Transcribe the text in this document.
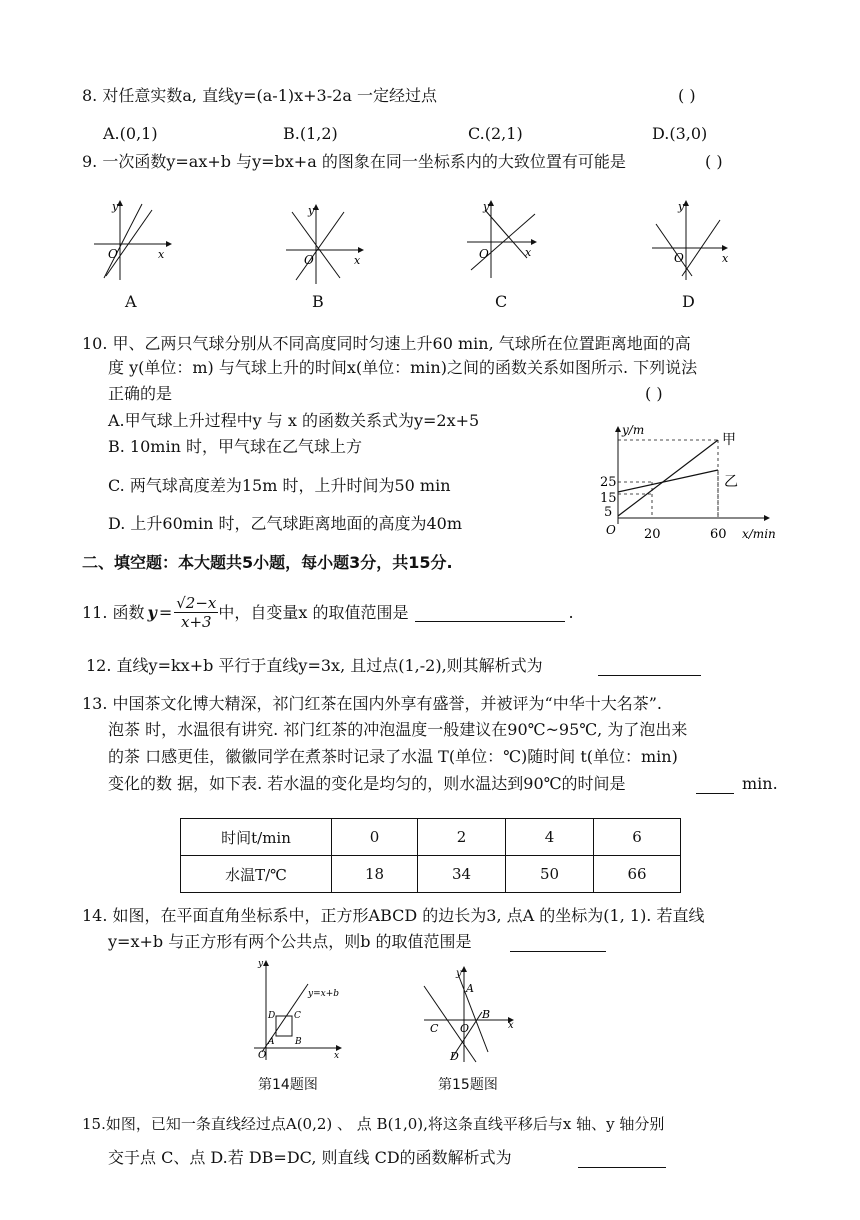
8. 对任意实数a, 直线y=(a-1)x+3-2a 一定经过点	( )
A.(0,1)	B.(1,2)	C.(2,1)	D.(3,0)
9. 一次函数y=ax+b 与y=bx+a 的图象在同一坐标系内的大致位置有可能是	( )
y
x
O
A
y
x
O
B
y
x
O
C
y
x
O
D
10. 甲、乙两只气球分别从不同高度同时匀速上升60 min, 气球所在位置距离地面的高
度 y(单位：m) 与气球上升的时间x(单位：min)之间的函数关系如图所示. 下列说法
正确的是	( )
A.甲气球上升过程中y 与 x 的函数关系式为y=2x+5
B. 10min 时，甲气球在乙气球上方
C. 两气球高度差为15m 时，上升时间为50 min
D. 上升60min 时，乙气球距离地面的高度为40m
y/m
x/min
O
25
15
5
20	60
甲
乙
二、填空题：本大题共5小题，每小题3分，共15分.
11. 函数 $y = \frac{√2-x}{x+3}$ 中，自变量x 的取值范围是	.
12. 直线y=kx+b 平行于直线y=3x, 且过点(1,-2),则其解析式为
13. 中国茶文化博大精深，祁门红茶在国内外享有盛誉，并被评为“中华十大名茶”.
泡茶 时，水温很有讲究. 祁门红茶的冲泡温度一般建议在90℃~95℃, 为了泡出来
的茶 口感更佳，徽徽同学在煮茶时记录了水温 T(单位：℃)随时间 t(单位：min)
变化的数 据，如下表. 若水温的变化是均匀的，则水温达到90℃的时间是	min.
时间t/min	0	2	4	6
水温T/℃	18	34	50	66
14. 如图，在平面直角坐标系中，正方形ABCD 的边长为3, 点A 的坐标为(1, 1). 若直线
y=x+b 与正方形有两个公共点，则b 的取值范围是
y=x+b
y
x
O
A B
C
D
第14题图
y
x
A
B
C
D
O
第15题图
15.如图，已知一条直线经过点A(0,2) 、 点 B(1,0),将这条直线平移后与x 轴、y 轴分别
交于点 C、点 D.若 DB=DC, 则直线 CD的函数解析式为
